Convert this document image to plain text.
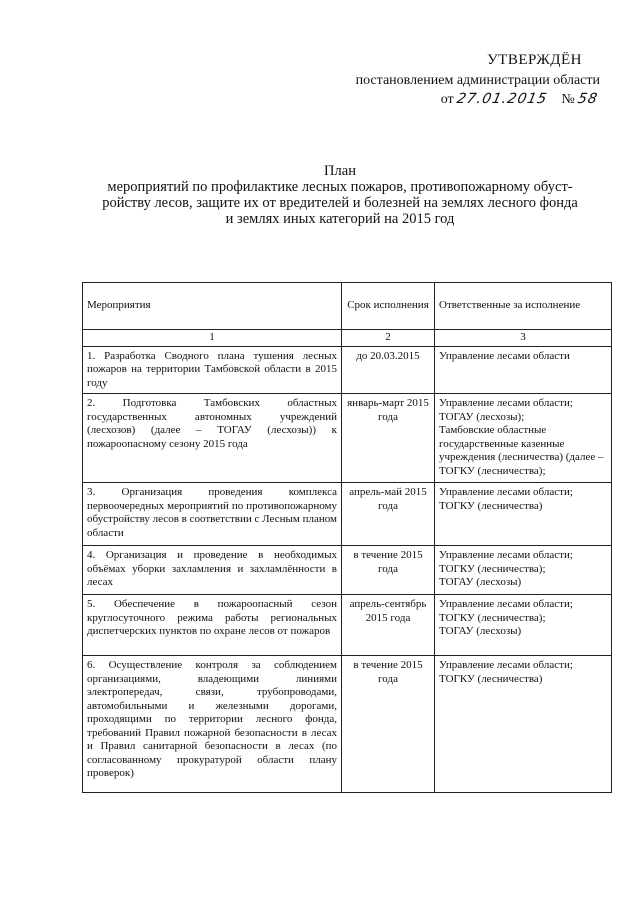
УТВЕРЖДЁН
постановлением администрации области
от 27.01.2015 № 58
План
мероприятий по профилактике лесных пожаров, противопожарному обуст-
ройству лесов, защите их от вредителей и болезней на землях лесного фонда
и землях иных категорий на 2015 год
Мероприятия	Срок исполнения	Ответственные за исполнение
1	2	3
1. Разработка Сводного плана тушения лесных пожаров на территории Тамбовской области в 2015 году	до 20.03.2015	Управление лесами области
2. Подготовка Тамбовских областных государственных автономных учреждений (лесхозов) (далее – ТОГАУ (лесхозы)) к пожароопасному сезону 2015 года	январь-март 2015 года	Управление лесами области;
ТОГАУ (лесхозы);
Тамбовские областные государственные казенные учреждения (лесничества) (далее – ТОГКУ (лесничества);
3. Организация проведения комплекса первоочередных мероприятий по противопожарному обустройству лесов в соответствии с Лесным планом области	апрель-май 2015 года	Управление лесами области;
ТОГКУ (лесничества)
4. Организация и проведение в необходимых объёмах уборки захламления и захламлённости в лесах	в течение 2015 года	Управление лесами области;
ТОГКУ (лесничества);
ТОГАУ (лесхозы)
5. Обеспечение в пожароопасный сезон круглосуточного режима работы региональных диспетчерских пунктов по охране лесов от пожаров	апрель-сентябрь 2015 года	Управление лесами области;
ТОГКУ (лесничества);
ТОГАУ (лесхозы)
6. Осуществление контроля за соблюдением организациями, владеющими линиями электропередач, связи, трубопроводами, автомобильными и железными дорогами, проходящими по территории лесного фонда, требований Правил пожарной безопасности в лесах и Правил санитарной безопасности в лесах (по согласованному прокуратурой области плану проверок)	в течение 2015 года	Управление лесами области;
ТОГКУ (лесничества)
